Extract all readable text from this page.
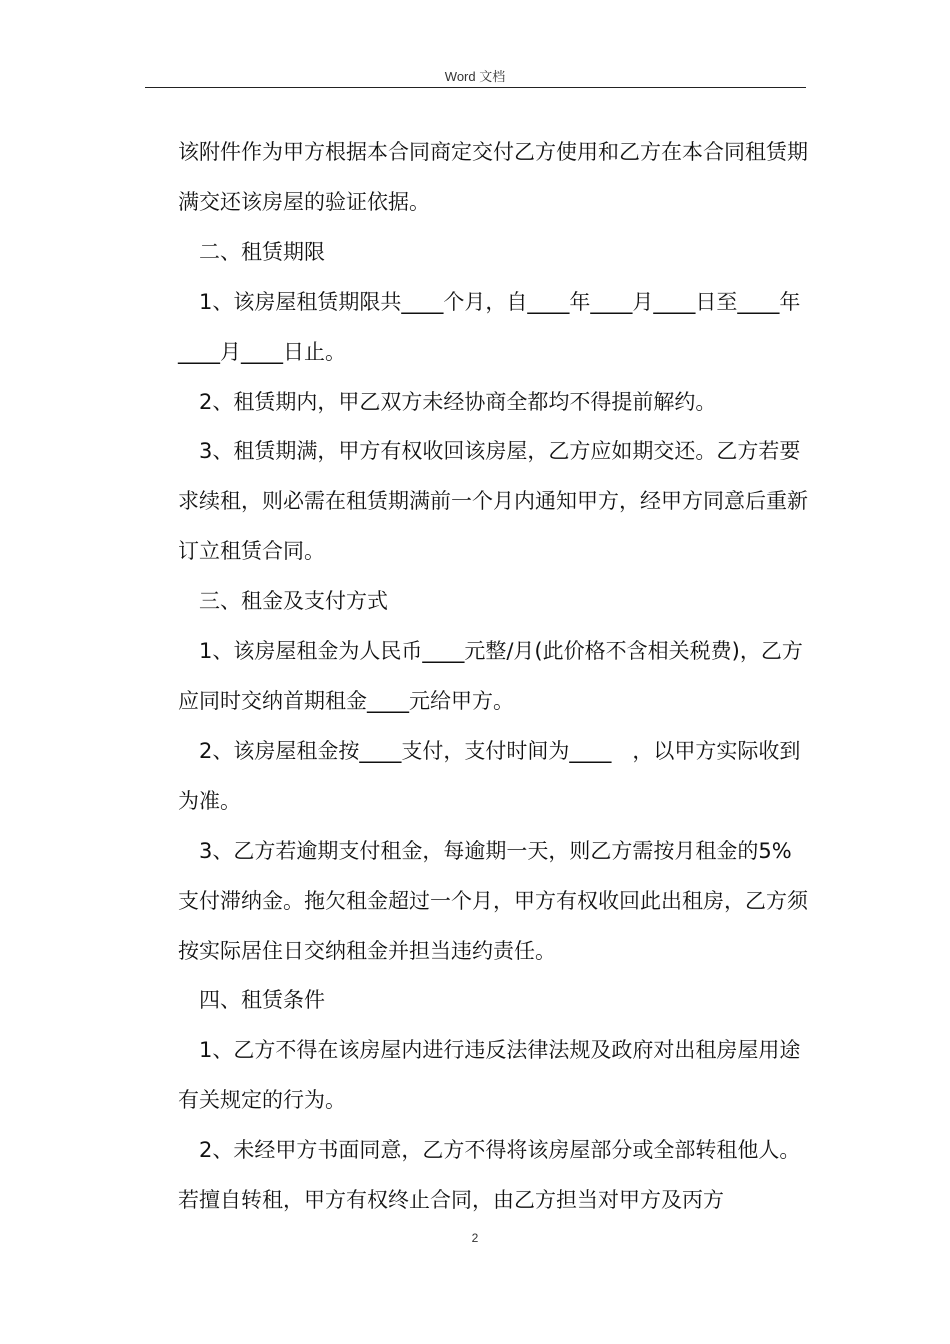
Word 文档

该附件作为甲方根据本合同商定交付乙方使用和乙方在本合同租赁期满交还该房屋的验证依据。

二、租赁期限

1、该房屋租赁期限共____个月，自____年____月____日至____年____月____日止。

2、租赁期内，甲乙双方未经协商全都均不得提前解约。

3、租赁期满，甲方有权收回该房屋，乙方应如期交还。乙方若要求续租，则必需在租赁期满前一个月内通知甲方，经甲方同意后重新订立租赁合同。

三、租金及支付方式

1、该房屋租金为人民币____元整/月(此价格不含相关税费)，乙方应同时交纳首期租金____元给甲方。

2、该房屋租金按____支付，支付时间为____　，以甲方实际收到为准。

3、乙方若逾期支付租金，每逾期一天，则乙方需按月租金的5%支付滞纳金。拖欠租金超过一个月，甲方有权收回此出租房，乙方须按实际居住日交纳租金并担当违约责任。

四、租赁条件

1、乙方不得在该房屋内进行违反法律法规及政府对出租房屋用途有关规定的行为。

2、未经甲方书面同意，乙方不得将该房屋部分或全部转租他人。若擅自转租，甲方有权终止合同，由乙方担当对甲方及丙方

2
